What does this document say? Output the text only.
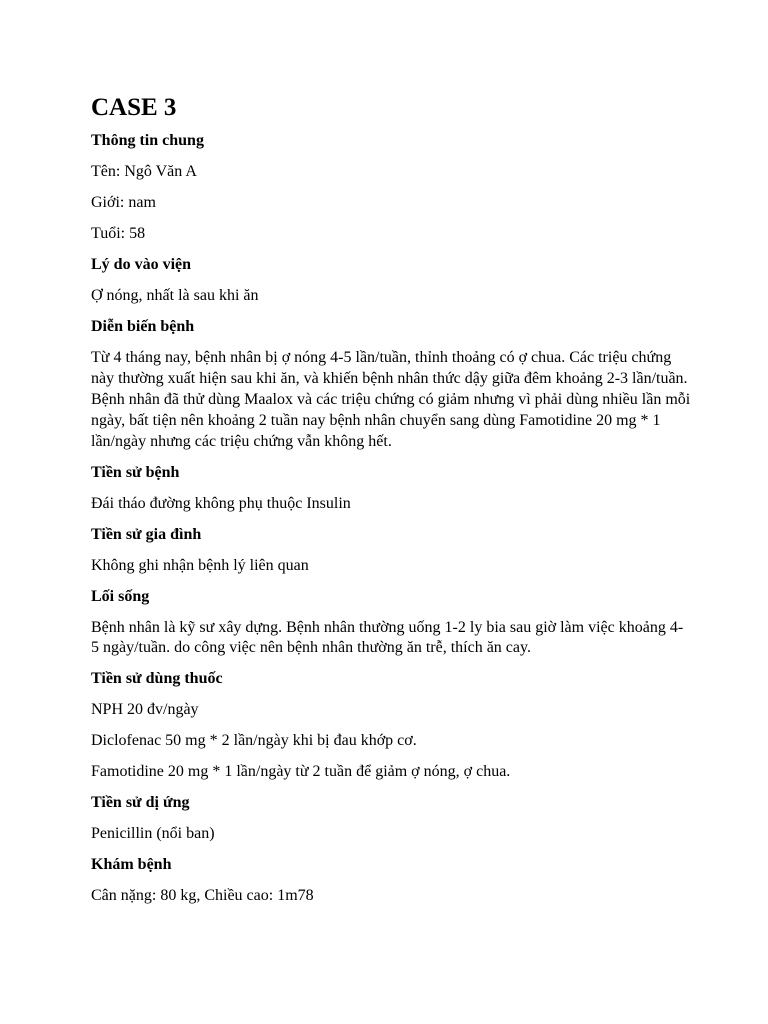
CASE 3
Thông tin chung
Tên: Ngô Văn A
Giới: nam
Tuổi: 58
Lý do vào viện
Ợ nóng, nhất là sau khi ăn
Diễn biến bệnh
Từ 4 tháng nay, bệnh nhân bị ợ nóng 4-5 lần/tuần, thỉnh thoảng có ợ chua. Các triệu chứng này thường xuất hiện sau khi ăn, và khiến bệnh nhân thức dậy giữa đêm khoảng 2-3 lần/tuần. Bệnh nhân đã thử dùng Maalox và các triệu chứng có giảm nhưng vì phải dùng nhiều lần mỗi ngày, bất tiện nên khoảng 2 tuần nay bệnh nhân chuyển sang dùng Famotidine 20 mg * 1 lần/ngày nhưng các triệu chứng vẫn không hết.
Tiền sử bệnh
Đái tháo đường không phụ thuộc Insulin
Tiền sử gia đình
Không ghi nhận bệnh lý liên quan
Lối sống
Bệnh nhân là kỹ sư xây dựng. Bệnh nhân thường uống 1-2 ly bia sau giờ làm việc khoảng 4-5 ngày/tuần. do công việc nên bệnh nhân thường ăn trễ, thích ăn cay.
Tiền sử dùng thuốc
NPH 20 đv/ngày
Diclofenac 50 mg * 2 lần/ngày khi bị đau khớp cơ.
Famotidine 20 mg * 1 lần/ngày từ 2 tuần để giảm ợ nóng, ợ chua.
Tiền sử dị ứng
Penicillin (nổi ban)
Khám bệnh
Cân nặng: 80 kg, Chiều cao: 1m78
